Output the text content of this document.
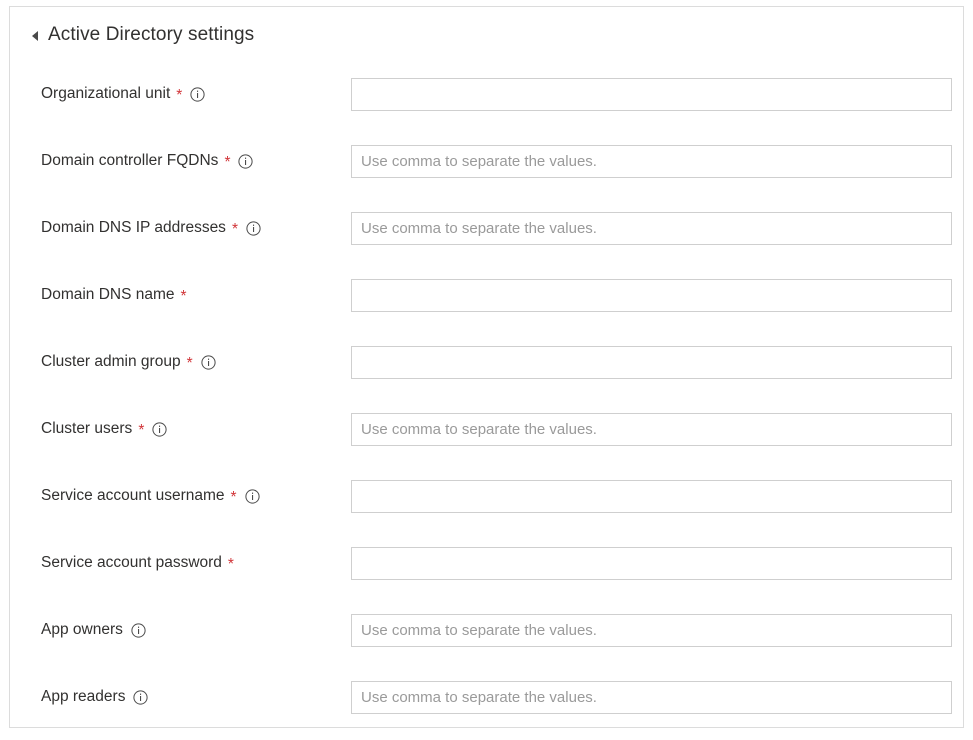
Active Directory settings
Organizational unit *
Domain controller FQDNs *
Use comma to separate the values.
Domain DNS IP addresses *
Use comma to separate the values.
Domain DNS name *
Cluster admin group *
Cluster users *
Use comma to separate the values.
Service account username *
Service account password *
App owners
Use comma to separate the values.
App readers
Use comma to separate the values.
